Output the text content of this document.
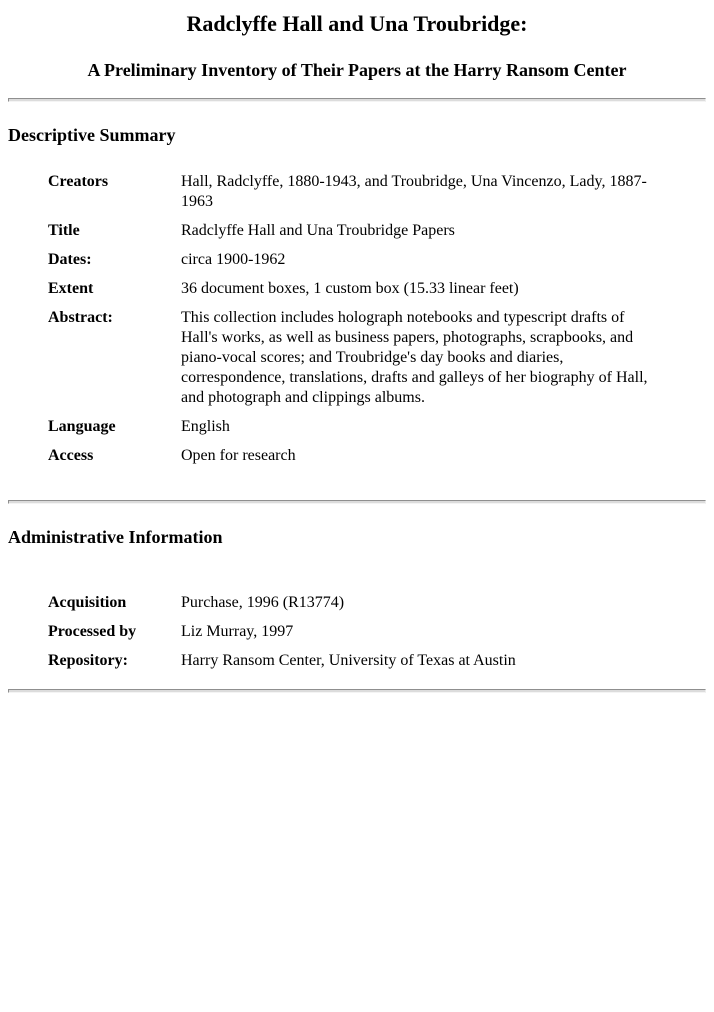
Radclyffe Hall and Una Troubridge:
A Preliminary Inventory of Their Papers at the Harry Ransom Center
Descriptive Summary
Creators	Hall, Radclyffe, 1880-1943, and Troubridge, Una Vincenzo, Lady, 1887-1963
Title	Radclyffe Hall and Una Troubridge Papers
Dates:	circa 1900-1962
Extent	36 document boxes, 1 custom box (15.33 linear feet)
Abstract:	This collection includes holograph notebooks and typescript drafts of Hall's works, as well as business papers, photographs, scrapbooks, and piano-vocal scores; and Troubridge's day books and diaries, correspondence, translations, drafts and galleys of her biography of Hall, and photograph and clippings albums.
Language	English
Access	Open for research
Administrative Information
Acquisition	Purchase, 1996 (R13774)
Processed by	Liz Murray, 1997
Repository:	Harry Ransom Center, University of Texas at Austin
